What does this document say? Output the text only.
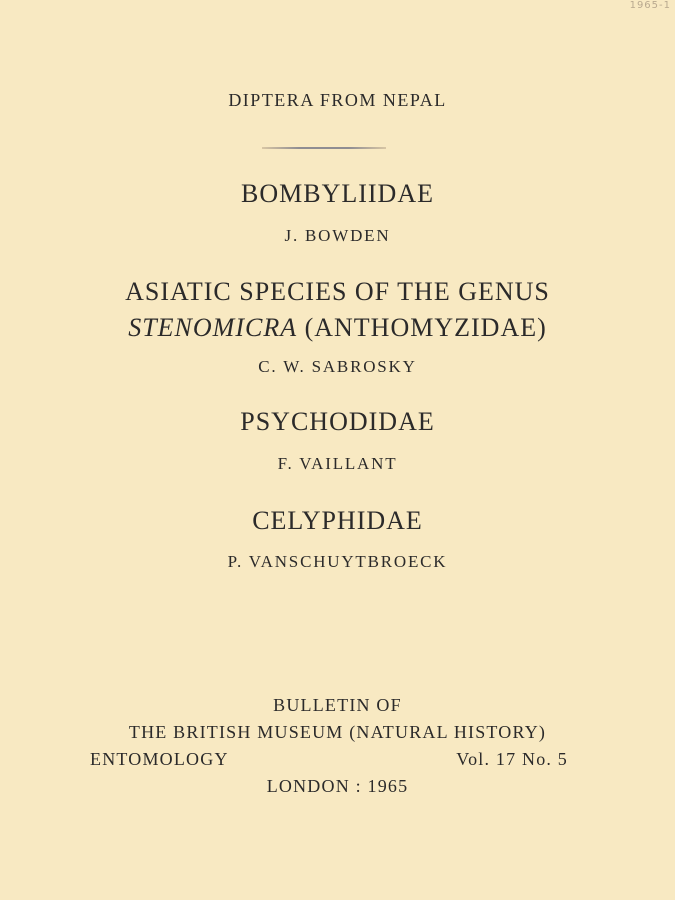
1965-1
DIPTERA FROM NEPAL
BOMBYLIIDAE
J. BOWDEN
ASIATIC SPECIES OF THE GENUS
STENOMICRA (ANTHOMYZIDAE)
C. W. SABROSKY
PSYCHODIDAE
F. VAILLANT
CELYPHIDAE
P. VANSCHUYTBROECK
BULLETIN OF
THE BRITISH MUSEUM (NATURAL HISTORY)
ENTOMOLOGY	Vol. 17 No. 5
LONDON : 1965
